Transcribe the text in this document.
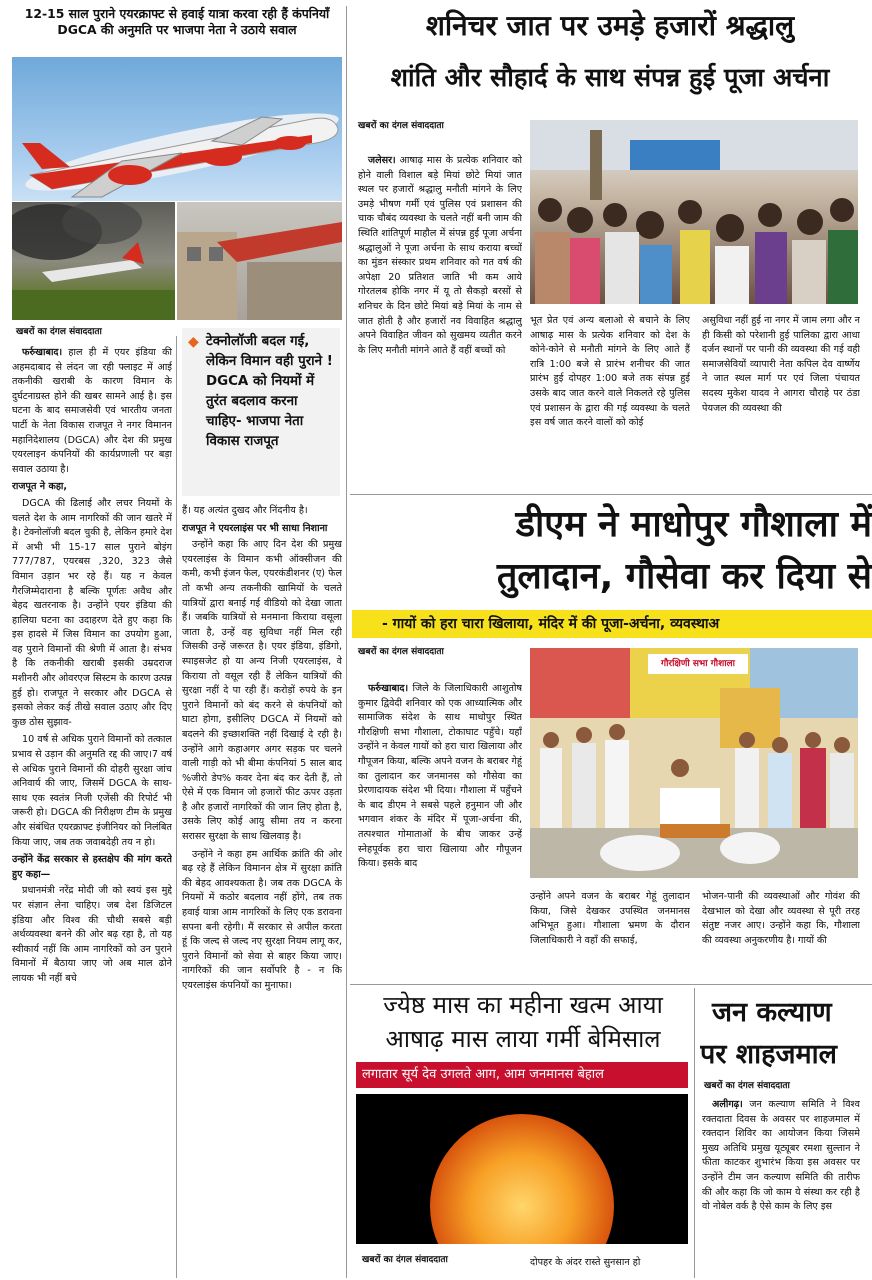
12-15 साल पुराने एयरक्राफ्ट से हवाई यात्रा करवा रही हैं कंपनियाँ DGCA की अनुमति पर भाजपा नेता ने उठाये सवाल
खबरों का दंगल संवाददाता

फर्रुखाबाद। हाल ही में एयर इंडिया की अहमदाबाद से लंदन जा रही फ्लाइट में आई तकनीकी खराबी के कारण विमान के दुर्घटनाग्रस्त होने की खबर सामने आई है। इस घटना के बाद समाजसेवी एवं भारतीय जनता पार्टी के नेता विकास राजपूत ने नगर विमानन महानिदेशालय (DGCA) और देश की प्रमुख एयरलाइन कंपनियों की कार्यप्रणाली पर बड़ा सवाल उठाया है।

राजपूत ने कहा,

DGCA की ढिलाई और लचर नियमों के चलते देश के आम नागरिकों की जान खतरे में है। टेक्नोलॉजी बदल चुकी है, लेकिन हमारे देश में अभी भी 15-17 साल पुराने बोइंग 777/787, एयरबस ,320, 323 जैसे विमान उड़ान भर रहे हैं। यह न केवल गैरजिम्मेदाराना है बल्कि पूर्णतः अवैध और बेहद खतरनाक है। उन्होंने एयर इंडिया की हालिया घटना का उदाहरण देते हुए कहा कि इस हादसे में जिस विमान का उपयोग हुआ, वह पुराने विमानों की श्रेणी में आता है। संभव है कि तकनीकी खराबी इसकी उम्रदराज मशीनरी और ओवरएज सिस्टम के कारण उत्पन्न हुई हो। राजपूत ने सरकार और DGCA से इसको लेकर कई तीखे सवाल उठाए और दिए कुछ ठोस सुझाव-

10 वर्ष से अधिक पुराने विमानों को तत्काल प्रभाव से उड़ान की अनुमति रद्द की जाए।7 वर्ष से अधिक पुराने विमानों की दोहरी सुरक्षा जांच अनिवार्य की जाए, जिसमें DGCA के साथ-साथ एक स्वतंत्र निजी एजेंसी की रिपोर्ट भी जरूरी हो। DGCA की निरीक्षण टीम के प्रमुख और संबंधित एयरक्राफ्ट इंजीनियर को निलंबित किया जाए, जब तक जवाबदेही तय न हो।

उन्होंने केंद्र सरकार से हस्तक्षेप की मांग करते हुए कहा—

प्रधानमंत्री नरेंद्र मोदी जी को स्वयं इस मुद्दे पर संज्ञान लेना चाहिए। जब देश डिजिटल इंडिया और विश्व की चौथी सबसे बड़ी अर्थव्यवस्था बनने की ओर बढ़ रहा है, तो यह स्वीकार्य नहीं कि आम नागरिकों को उन पुराने विमानों में बैठाया जाए जो अब माल ढोने लायक भी नहीं बचे

◆ टेक्नोलॉजी बदल गई, लेकिन विमान वही पुराने ! DGCA को नियमों में तुरंत बदलाव करना चाहिए- भाजपा नेता विकास राजपूत

हैं। यह अत्यंत दुखद और निंदनीय है।

राजपूत ने एयरलाइंस पर भी साधा निशाना

उन्होंने कहा कि आए दिन देश की प्रमुख एयरलाइंस के विमान कभी ऑक्सीजन की कमी, कभी इंजन फेल, एयरकंडीशनर (ए) फेल तो कभी अन्य तकनीकी खामियों के चलते यात्रियों द्वारा बनाई गई वीडियो को देखा जाता हैं। जबकि यात्रियों से मनमाना किराया वसूला जाता है, उन्हें वह सुविधा नहीं मिल रही जिसकी उन्हें जरूरत है। एयर इंडिया, इंडिगो, स्पाइसजेट हो या अन्य निजी एयरलाइंस, वे किराया तो वसूल रही हैं लेकिन यात्रियों की सुरक्षा नहीं दे पा रही हैं। करोड़ों रुपये के इन पुराने विमानों को बंद करने से कंपनियों को घाटा होगा, इसीलिए DGCA में नियमों को बदलने की इच्छाशक्ति नहीं दिखाई दे रही है। उन्होंने आगे कहाअगर अगर सड़क पर चलने वाली गाड़ी को भी बीमा कंपनियां 5 साल बाद %जीरो डेप% कवर देना बंद कर देती हैं, तो ऐसे में एक विमान जो हजारों फीट ऊपर उड़ता है और हजारों नागरिकों की जान लिए होता है, उसके लिए कोई आयु सीमा तय न करना सरासर सुरक्षा के साथ खिलवाड़ है।

उन्होंने ने कहा हम आर्थिक क्रांति की ओर बढ़ रहे हैं लेकिन विमानन क्षेत्र में सुरक्षा क्रांति की बेहद आवश्यकता है। जब तक DGCA के नियमों में कठोर बदलाव नहीं होंगे, तब तक हवाई यात्रा आम नागरिकों के लिए एक डरावना सपना बनी रहेगी। मैं सरकार से अपील करता हूं कि जल्द से जल्द नए सुरक्षा नियम लागू कर, पुराने विमानों को सेवा से बाहर किया जाए। नागरिकों की जान सर्वोपरि है - न कि एयरलाइंस कंपनियों का मुनाफा।

शनिचर जात पर उमड़े हजारों श्रद्धालु
शांति और सौहार्द के साथ संपन्न हुई पूजा अर्चना
खबरों का दंगल संवाददाता

जलेसर। आषाढ़ मास के प्रत्येक शनिवार को होने वाली विशाल बड़े मियां छोटे मियां जात स्थल पर हजारों श्रद्धालु मनौती मांगने के लिए उमड़े भीषण गर्मी एवं पुलिस एवं प्रशासन की चाक चौबंद व्यवस्था के चलते नहीं बनी जाम की स्थिति शांतिपूर्ण माहौल में संपन्न हुई पूजा अर्चना श्रद्धालुओं ने पूजा अर्चना के साथ कराया बच्चों का मुंडन संस्कार प्रथम शनिवार को गत वर्ष की अपेक्षा 20 प्रतिशत जाति भी कम आये गोरतलब होकि नगर में यू तो सैकड़ो बरसों से शनिचर के दिन छोटे मियां बड़े मियां के नाम से जात होती है और हजारों नव विवाहित श्रद्धालु अपने विवाहित जीवन को सुखमय व्यतीत करने के लिए मनौती मांगने आते हैं वहीं बच्चों को

भूत प्रेत एवं अन्य बलाओ से बचाने के लिए आषाढ़ मास के प्रत्येक शनिवार को देश के कोने-कोने से मनौती मांगने के लिए आते हैं रात्रि 1:00 बजे से प्रारंभ शनीचर की जात प्रारंभ हुई दोपहर 1:00 बजे तक संपन्न हुई उसके बाद जात करने वाले निकलते रहे पुलिस एवं प्रशासन के द्वारा की गई व्यवस्था के चलते इस वर्ष जात करने वालों को कोई

असुविधा नहीं हुई ना नगर में जाम लगा और न ही किसी को परेशानी हुई पालिका द्वारा आधा दर्जन स्थानों पर पानी की व्यवस्था की गई वही समाजसेवियों व्यापारी नेता कपिल देव वार्ष्णेय ने जात स्थल मार्ग पर एवं जिला पंचायत सदस्य मुकेश यादव ने आगरा चौराहे पर ठंडा पेयजल की व्यवस्था की

डीएम ने माधोपुर गौशाला में
तुलादान, गौसेवा कर दिया से
- गायों को हरा चारा खिलाया, मंदिर में की पूजा-अर्चना, व्यवस्थाअ
खबरों का दंगल संवाददाता

फर्रुखाबाद। जिले के जिलाधिकारी आशुतोष कुमार द्विवेदी शनिवार को एक आध्यात्मिक और सामाजिक संदेश के साथ माधोपुर स्थित गौरक्षिणी सभा गौशाला, टोकाघाट पहुँचे। यहाँ उन्होंने न केवल गायों को हरा चारा खिलाया और गौपूजन किया, बल्कि अपने वजन के बराबर गेहूं का तुलादान कर जनमानस को गौसेवा का प्रेरणादायक संदेश भी दिया। गौशाला में पहुँचने के बाद डीएम ने सबसे पहले हनुमान जी और भगवान शंकर के मंदिर में पूजा-अर्चना की, तत्पश्चात गोमाताओं के बीच जाकर उन्हें स्नेहपूर्वक हरा चारा खिलाया और गौपूजन किया। इसके बाद

गौरक्षिणी सभा गौशाला

उन्होंने अपने वजन के बराबर गेहूं तुलादान किया, जिसे देखकर उपस्थित जनमानस अभिभूत हुआ। गौशाला भ्रमण के दौरान जिलाधिकारी ने वहाँ की सफाई,

भोजन-पानी की व्यवस्थाओं और गोवंश की देखभाल को देखा और व्यवस्था से पूरी तरह संतुष्ट नजर आए। उन्होंने कहा कि, गौशाला की व्यवस्था अनुकरणीय है। गायों की

ज्येष्ठ मास का महीना खत्म आया
आषाढ़ मास लाया गर्मी बेमिसाल
लगातार सूर्य देव उगलते आग, आम जनमानस बेहाल
खबरों का दंगल संवाददाता	दोपहर के अंदर रास्ते सुनसान हो

जन कल्याण
पर शाहजमाल
खबरों का दंगल संवाददाता

अलीगढ़। जन कल्याण समिति ने विश्व रक्तदाता दिवस के अवसर पर शाहजमाल में रक्तदान शिविर का आयोजन किया जिसमे मुख्य अतिथि प्रमुख यूट्यूबर रमशा सुल्तान ने फीता काटकर शुभारंभ किया इस अवसर पर उन्होंने टीम जन कल्याण समिति की तारीफ की और कहा कि जो काम ये संस्था कर रही है वो नोबेल वर्क है ऐसे काम के लिए इस
